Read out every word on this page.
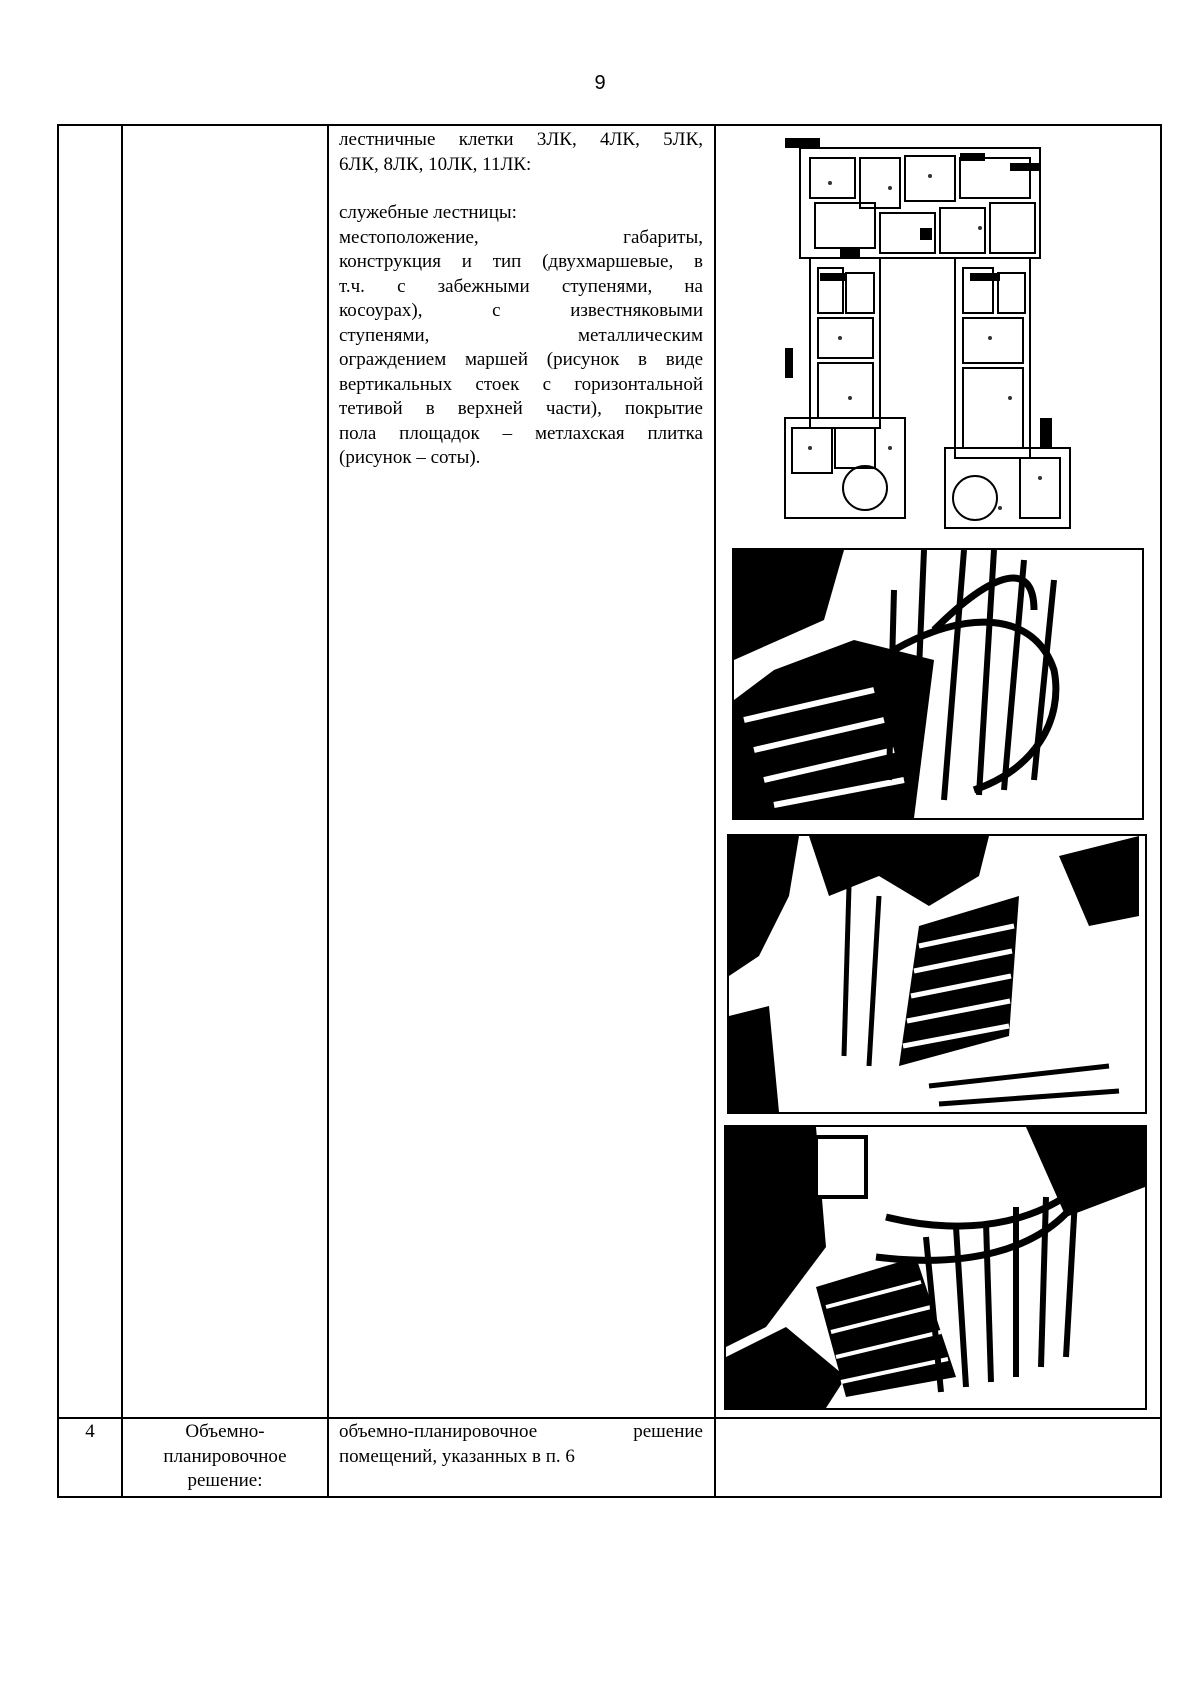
9
лестничные клетки 3ЛК, 4ЛК, 5ЛК,
6ЛК, 8ЛК, 10ЛК, 11ЛК:
служебные лестницы:
местоположение, габариты,
конструкция и тип (двухмаршевые, в
т.ч. с забежными ступенями, на
косоурах), с известняковыми
ступенями, металлическим
ограждением маршей (рисунок в виде
вертикальных стоек с горизонтальной
тетивой в верхней части), покрытие
пола площадок – метлахская плитка
(рисунок – соты).
4	Объемно-
планировочное
решение:
объемно-планировочное решение
помещений, указанных в п. 6
